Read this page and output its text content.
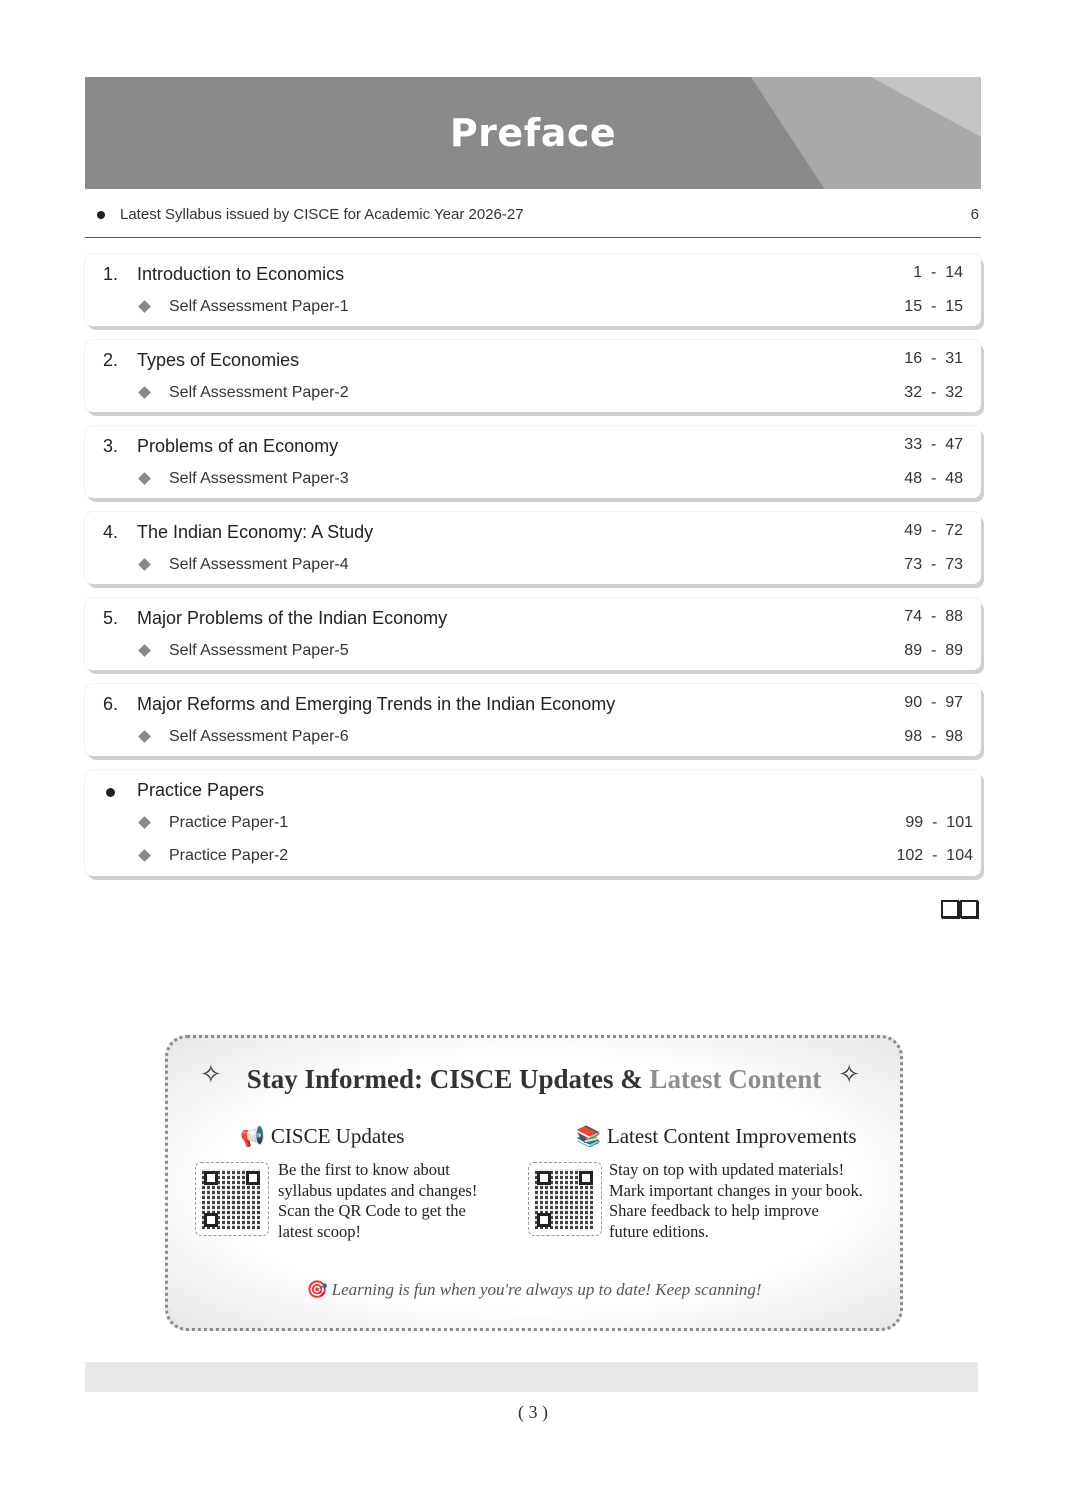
Preface
Latest Syllabus issued by CISCE for Academic Year 2026-27	6
1. Introduction to Economics	1  -  14
Self Assessment Paper-1	15  -  15
2. Types of Economies	16  -  31
Self Assessment Paper-2	32  -  32
3. Problems of an Economy	33  -  47
Self Assessment Paper-3	48  -  48
4. The Indian Economy: A Study	49  -  72
Self Assessment Paper-4	73  -  73
5. Major Problems of the Indian Economy	74  -  88
Self Assessment Paper-5	89  -  89
6. Major Reforms and Emerging Trends in the Indian Economy	90  -  97
Self Assessment Paper-6	98  -  98
Practice Papers
Practice Paper-1	99  -  101
Practice Paper-2	102  -  104
✧ Stay Informed: CISCE Updates & Latest Content ✧
📢 CISCE Updates
Be the first to know about
syllabus updates and changes!
Scan the QR Code to get the
latest scoop!
📚 Latest Content Improvements
Stay on top with updated materials!
Mark important changes in your book.
Share feedback to help improve
future editions.
🎯 Learning is fun when you're always up to date! Keep scanning!
( 3 )
